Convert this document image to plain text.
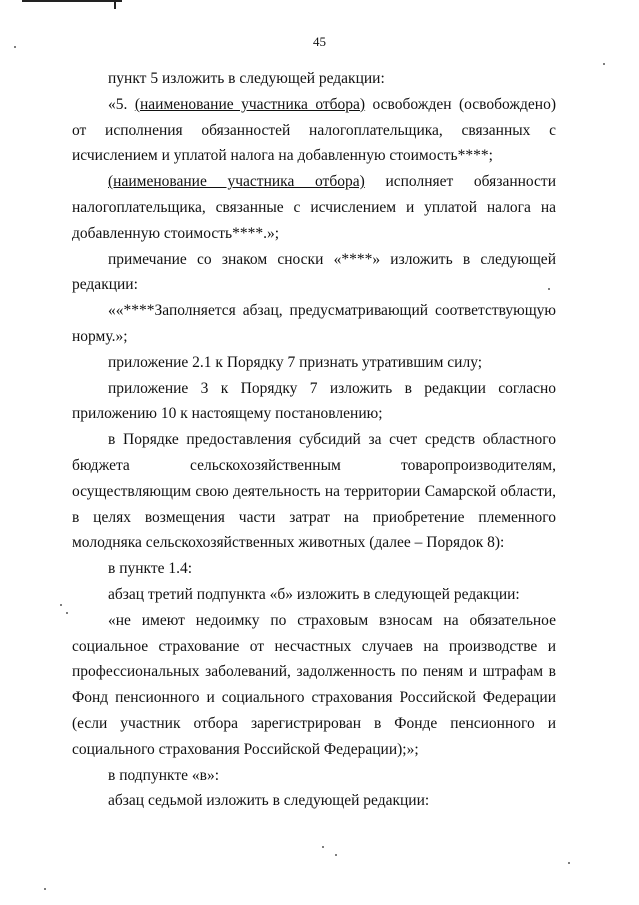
45

пункт 5 изложить в следующей редакции:

«5. (наименование участника отбора) освобожден (освобождено) от исполнения обязанностей налогоплательщика, связанных с исчислением и уплатой налога на добавленную стоимость****;

(наименование участника отбора) исполняет обязанности налогоплательщика, связанные с исчислением и уплатой налога на добавленную стоимость****.»;

примечание со знаком сноски «****» изложить в следующей редакции:

««****Заполняется абзац, предусматривающий соответствующую норму.»;

приложение 2.1 к Порядку 7 признать утратившим силу;

приложение 3 к Порядку 7 изложить в редакции согласно приложению 10 к настоящему постановлению;

в Порядке предоставления субсидий за счет средств областного бюджета сельскохозяйственным товаропроизводителям, осуществляющим свою деятельность на территории Самарской области, в целях возмещения части затрат на приобретение племенного молодняка сельскохозяйственных животных (далее – Порядок 8):

в пункте 1.4:

абзац третий подпункта «б» изложить в следующей редакции:

«не имеют недоимку по страховым взносам на обязательное социальное страхование от несчастных случаев на производстве и профессиональных заболеваний, задолженность по пеням и штрафам в Фонд пенсионного и социального страхования Российской Федерации (если участник отбора зарегистрирован в Фонде пенсионного и социального страхования Российской Федерации);»;

в подпункте «в»:

абзац седьмой изложить в следующей редакции:
